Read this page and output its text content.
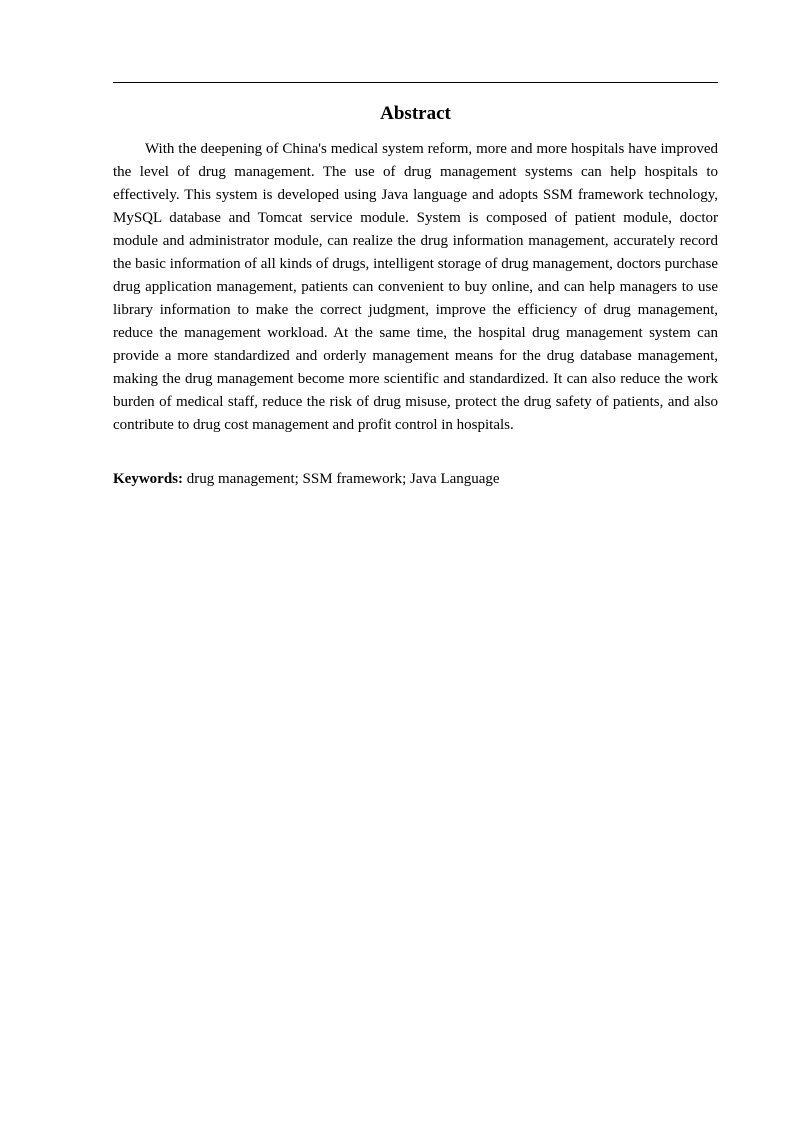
Abstract

With the deepening of China's medical system reform, more and more hospitals have improved the level of drug management. The use of drug management systems can help hospitals to effectively. This system is developed using Java language and adopts SSM framework technology, MySQL database and Tomcat service module. System is composed of patient module, doctor module and administrator module, can realize the drug information management, accurately record the basic information of all kinds of drugs, intelligent storage of drug management, doctors purchase drug application management, patients can convenient to buy online, and can help managers to use library information to make the correct judgment, improve the efficiency of drug management, reduce the management workload. At the same time, the hospital drug management system can provide a more standardized and orderly management means for the drug database management, making the drug management become more scientific and standardized. It can also reduce the work burden of medical staff, reduce the risk of drug misuse, protect the drug safety of patients, and also contribute to drug cost management and profit control in hospitals.

Keywords: drug management; SSM framework; Java Language
